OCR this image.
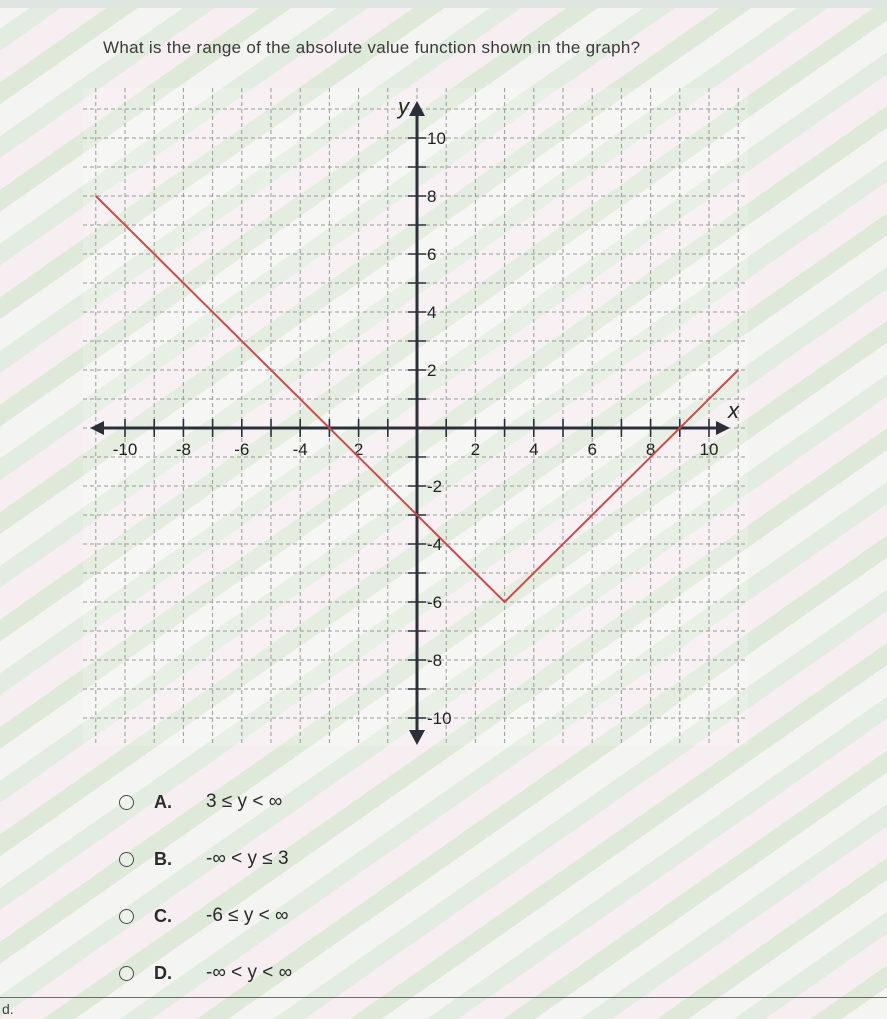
What is the range of the absolute value function shown in the graph?
-10 -8	-6	-4	2	2	4	6	8	10
10
8
6
4
2
-2
-4
-6
-8
-10
x
y
A.	3 ≤ y < ∞
B.	-∞ < y ≤ 3
C.	-6 ≤ y < ∞
D.	-∞ < y < ∞
d.
